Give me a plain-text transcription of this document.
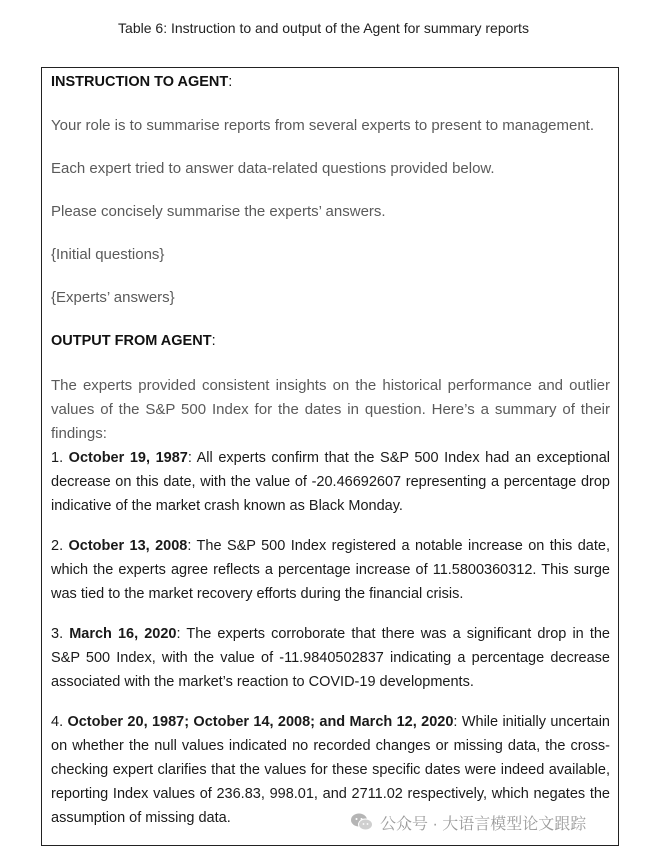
Table 6: Instruction to and output of the Agent for summary reports

INSTRUCTION TO AGENT:

Your role is to summarise reports from several experts to present to management.

Each expert tried to answer data-related questions provided below.

Please concisely summarise the experts’ answers.

{Initial questions}

{Experts’ answers}

OUTPUT FROM AGENT:

The experts provided consistent insights on the historical performance and outlier values of the S&P 500 Index for the dates in question. Here’s a summary of their findings:

1. October 19, 1987: All experts confirm that the S&P 500 Index had an exceptional decrease on this date, with the value of -20.46692607 representing a percentage drop indicative of the market crash known as Black Monday.

2. October 13, 2008: The S&P 500 Index registered a notable increase on this date, which the experts agree reflects a percentage increase of 11.5800360312. This surge was tied to the market recovery efforts during the financial crisis.

3. March 16, 2020: The experts corroborate that there was a significant drop in the S&P 500 Index, with the value of -11.9840502837 indicating a percentage decrease associated with the market’s reaction to COVID-19 developments.

4. October 20, 1987; October 14, 2008; and March 12, 2020: While initially uncertain on whether the null values indicated no recorded changes or missing data, the cross-checking expert clarifies that the values for these specific dates were indeed available, reporting Index values of 236.83, 998.01, and 2711.02 respectively, which negates the assumption of missing data.	公众号 · 大语言模型论文跟踪
